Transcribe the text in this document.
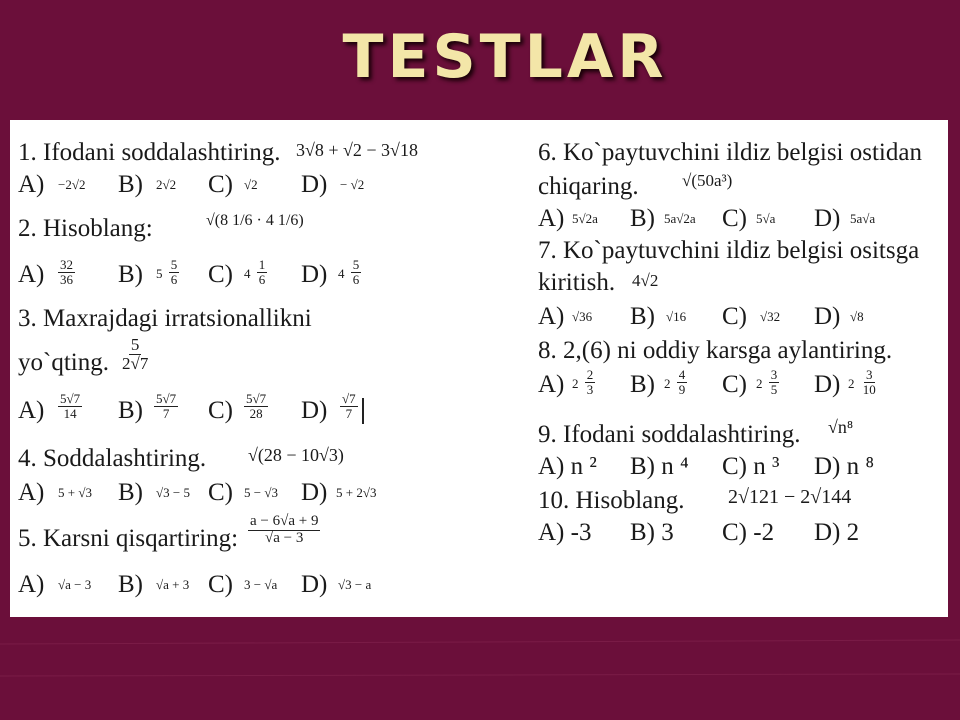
TESTLAR
1. Ifodani soddalashtiring. 3√8 + √2 − 3√18
A) −2√2 B) 2√2 C) √2 D) − √2
2. Hisoblang:	√(8 1/6 · 4 1/6)
$A) \frac{32}{36} B$) $5 \frac{5}{6} C$) $4 \frac{1}{6} D$) $4 \frac{5}{6}$
3. Maxrajdagi irratsionallikni
yo`qting. $\frac{5}{2√7}$
$A) \frac{5√7}{14} B) \frac{5√7}{7} C) \frac{5√7}{28} D) \frac{√7}{7}$
4. Soddalashtiring. √(28 − 10√3)
A) 5 + √3 B) √3 − 5 C) 5 − √3 D) 5 + 2√3
5. Karsni qisqartiring: $\frac{a - 6√a + 9}{√a - 3}$
A) √a − 3 B) √a + 3 C) 3 − √a D) √3 − a
6. Ko`paytuvchini ildiz belgisi ostidan
chiqaring.	√(50a³)
A) 5√2a B) 5a√2a C) 5√a D) 5a√a
7. Ko`paytuvchini ildiz belgisi ositsga
kiritish. 4√2
A) √36 B) √16 C) √32 D) √8
8. 2,(6) ni oddiy karsga aylantiring.
A) $2 \frac{2}{3} B$) $2 \frac{4}{9} C$) $2 \frac{3}{5} D$) $2 \frac{3}{10}$
9. Ifodani soddalashtiring. √n⁸
A) n ² B) n ⁴ C) n ³ D) n ⁸
10. Hisoblang. 2√121 − 2√144
A) -3 B) 3 C) -2 D) 2
